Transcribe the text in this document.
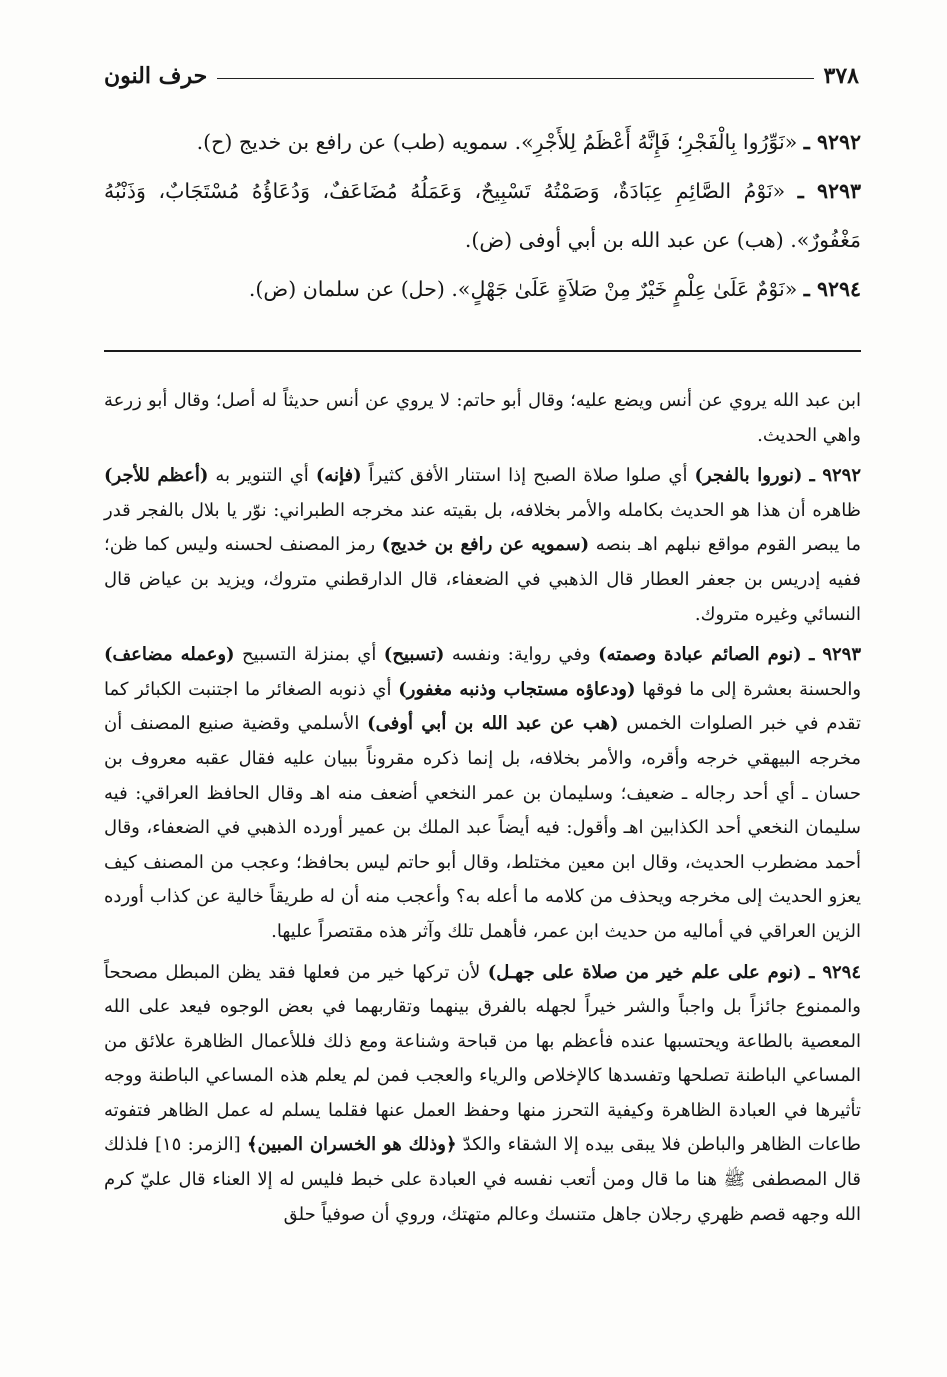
٣٧٨
حرف النون

٩٢٩٢ ـ «نَوِّرُوا بِالْفَجْرِ؛ فَإِنَّهُ أَعْظَمُ لِلأَجْرِ». سمويه (طب) عن رافع بن خديج (ح).

٩٢٩٣ ـ «نَوْمُ الصَّائِمِ عِبَادَةٌ، وَصَمْتُهُ تَسْبِيحٌ، وَعَمَلُهُ مُضَاعَفٌ، وَدُعَاؤُهُ مُسْتَجَابٌ، وَذَنْبُهُ مَغْفُورٌ». (هب) عن عبد الله بن أبي أوفى (ض).

٩٢٩٤ ـ «نَوْمٌ عَلَىٰ عِلْمٍ خَيْرٌ مِنْ صَلاَةٍ عَلَىٰ جَهْلٍ». (حل) عن سلمان (ض).

ابن عبد الله يروي عن أنس ويضع عليه؛ وقال أبو حاتم: لا يروي عن أنس حديثاً له أصل؛ وقال أبو زرعة واهي الحديث.

٩٢٩٢ ـ (نوروا بالفجر) أي صلوا صلاة الصبح إذا استنار الأفق كثيراً (فإنه) أي التنوير به (أعظم للأجر) ظاهره أن هذا هو الحديث بكامله والأمر بخلافه، بل بقيته عند مخرجه الطبراني: نوّر يا بلال بالفجر قدر ما يبصر القوم مواقع نبلهم اهـ بنصه (سمويه عن رافع بن خديج) رمز المصنف لحسنه وليس كما ظن؛ ففيه إدريس بن جعفر العطار قال الذهبي في الضعفاء، قال الدارقطني متروك، ويزيد بن عياض قال النسائي وغيره متروك.

٩٢٩٣ ـ (نوم الصائم عبادة وصمته) وفي رواية: ونفسه (تسبيح) أي بمنزلة التسبيح (وعمله مضاعف) والحسنة بعشرة إلى ما فوقها (ودعاؤه مستجاب وذنبه مغفور) أي ذنوبه الصغائر ما اجتنبت الكبائر كما تقدم في خبر الصلوات الخمس (هب عن عبد الله بن أبي أوفى) الأسلمي وقضية صنيع المصنف أن مخرجه البيهقي خرجه وأقره، والأمر بخلافه، بل إنما ذكره مقروناً ببيان عليه فقال عقبه معروف بن حسان ـ أي أحد رجاله ـ ضعيف؛ وسليمان بن عمر النخعي أضعف منه اهـ وقال الحافظ العراقي: فيه سليمان النخعي أحد الكذابين اهـ وأقول: فيه أيضاً عبد الملك بن عمير أورده الذهبي في الضعفاء، وقال أحمد مضطرب الحديث، وقال ابن معين مختلط، وقال أبو حاتم ليس بحافظ؛ وعجب من المصنف كيف يعزو الحديث إلى مخرجه ويحذف من كلامه ما أعله به؟ وأعجب منه أن له طريقاً خالية عن كذاب أورده الزين العراقي في أماليه من حديث ابن عمر، فأهمل تلك وآثر هذه مقتصراً عليها.

٩٢٩٤ ـ (نوم على علم خير من صلاة على جهـل) لأن تركها خير من فعلها فقد يظن المبطل مصححاً والممنوع جائزاً بل واجباً والشر خيراً لجهله بالفرق بينهما وتقاربهما في بعض الوجوه فيعد على الله المعصية بالطاعة ويحتسبها عنده فأعظم بها من قباحة وشناعة ومع ذلك فللأعمال الظاهرة علائق من المساعي الباطنة تصلحها وتفسدها كالإخلاص والرياء والعجب فمن لم يعلم هذه المساعي الباطنة ووجه تأثيرها في العبادة الظاهرة وكيفية التحرز منها وحفظ العمل عنها فقلما يسلم له عمل الظاهر فتفوته طاعات الظاهر والباطن فلا يبقى بيده إلا الشقاء والكدّ ﴿وذلك هو الخسران المبين﴾ [الزمر: ١٥] فلذلك قال المصطفى ﷺ هنا ما قال ومن أتعب نفسه في العبادة على خبط فليس له إلا العناء قال عليّ كرم الله وجهه قصم ظهري رجلان جاهل متنسك وعالم متهتك، وروي أن صوفياً حلق
